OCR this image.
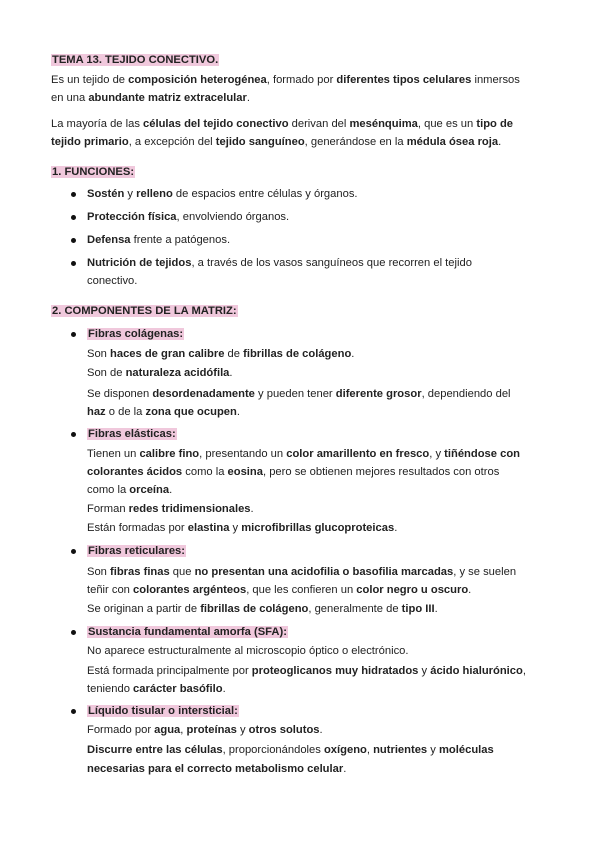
TEMA 13. TEJIDO CONECTIVO.
Es un tejido de composición heterogénea, formado por diferentes tipos celulares inmersos
en una abundante matriz extracelular.
La mayoría de las células del tejido conectivo derivan del mesénquima, que es un tipo de
tejido primario, a excepción del tejido sanguíneo, generándose en la médula ósea roja.
1. FUNCIONES:
2. COMPONENTES DE LA MATRIZ:
Sostén y relleno de espacios entre células y órganos.
Protección física, envolviendo órganos.
Defensa frente a patógenos.
Nutrición de tejidos, a través de los vasos sanguíneos que recorren el tejido
conectivo.
Fibras colágenas:
Son haces de gran calibre de fibrillas de colágeno.
Son de naturaleza acidófila.
Se disponen desordenadamente y pueden tener diferente grosor, dependiendo del
haz o de la zona que ocupen.
Fibras elásticas:
Tienen un calibre fino, presentando un color amarillento en fresco, y tiñéndose con
colorantes ácidos como la eosina, pero se obtienen mejores resultados con otros
como la orceína.
Forman redes tridimensionales.
Están formadas por elastina y microfibrillas glucoproteicas.
Fibras reticulares:
Son fibras finas que no presentan una acidofilia o basofilia marcadas, y se suelen
teñir con colorantes argénteos, que les confieren un color negro u oscuro.
Se originan a partir de fibrillas de colágeno, generalmente de tipo III.
Sustancia fundamental amorfa (SFA):
No aparece estructuralmente al microscopio óptico o electrónico.
Está formada principalmente por proteoglicanos muy hidratados y ácido hialurónico,
teniendo carácter basófilo.
Líquido tisular o intersticial:
Formado por agua, proteínas y otros solutos.
Discurre entre las células, proporcionándoles oxígeno, nutrientes y moléculas
necesarias para el correcto metabolismo celular.
